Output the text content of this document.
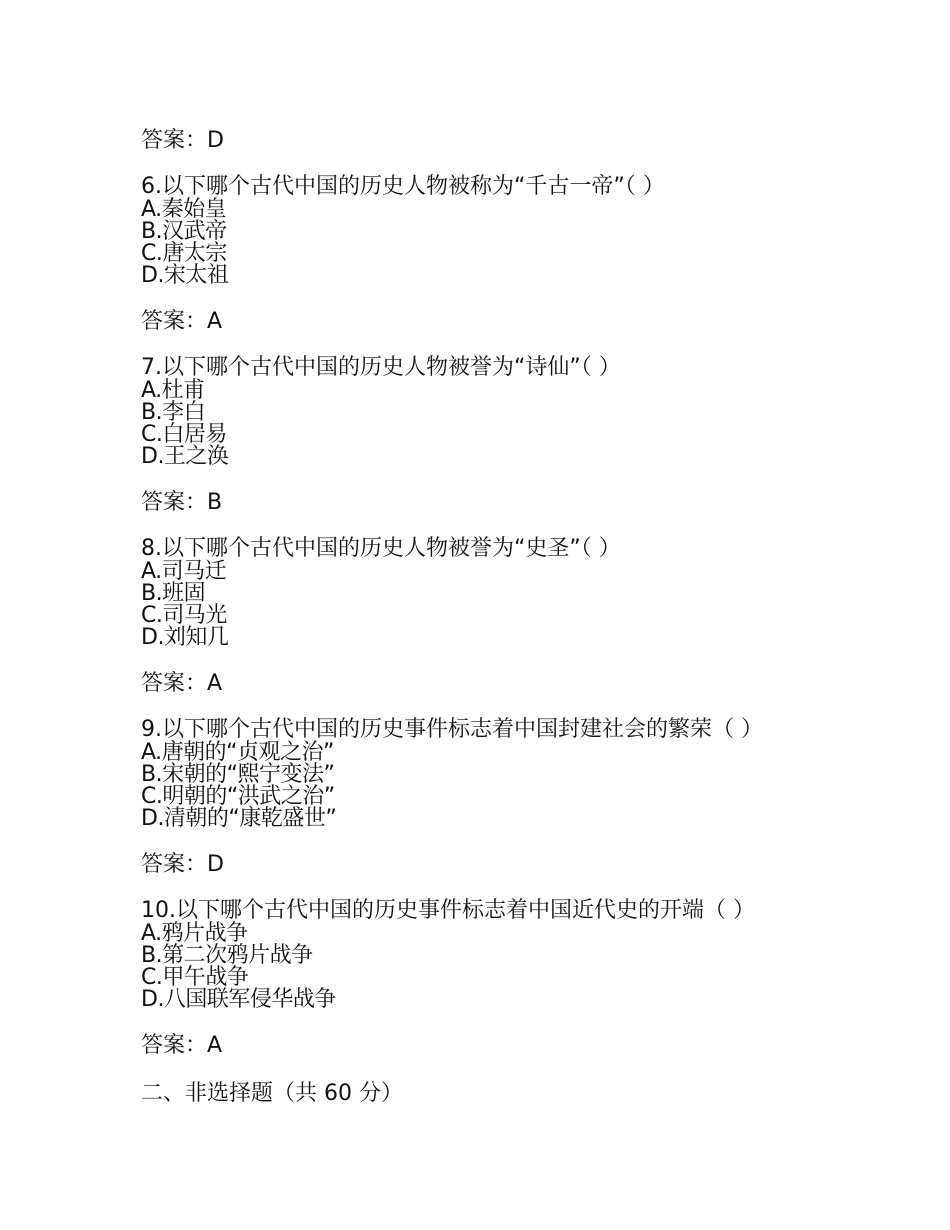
答案：D

6.以下哪个古代中国的历史人物被称为“千古一帝”（ ）

A.秦始皇
B.汉武帝
C.唐太宗
D.宋太祖

答案：A

7.以下哪个古代中国的历史人物被誉为“诗仙”（ ）

A.杜甫
B.李白
C.白居易
D.王之涣

答案：B

8.以下哪个古代中国的历史人物被誉为“史圣”（ ）

A.司马迁
B.班固
C.司马光
D.刘知几

答案：A

9.以下哪个古代中国的历史事件标志着中国封建社会的繁荣（ ）

A.唐朝的“贞观之治”
B.宋朝的“熙宁变法”
C.明朝的“洪武之治”
D.清朝的“康乾盛世”

答案：D

10.以下哪个古代中国的历史事件标志着中国近代史的开端（ ）

A.鸦片战争
B.第二次鸦片战争
C.甲午战争
D.八国联军侵华战争

答案：A

二、非选择题（共 60 分）
